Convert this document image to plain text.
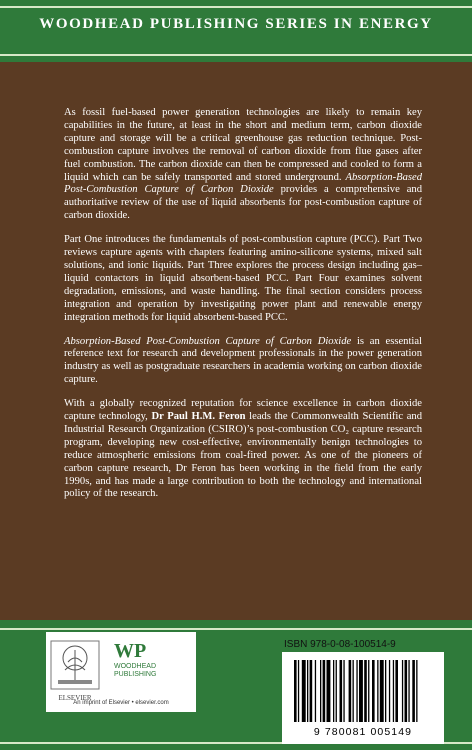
WOODHEAD PUBLISHING SERIES IN ENERGY

As fossil fuel-based power generation technologies are likely to remain key capabilities in the future, at least in the short and medium term, carbon dioxide capture and storage will be a critical greenhouse gas reduction technique. Post-combustion capture involves the removal of carbon dioxide from flue gases after fuel combustion. The carbon dioxide can then be compressed and cooled to form a liquid which can be safely transported and stored underground. Absorption-Based Post-Combustion Capture of Carbon Dioxide provides a comprehensive and authoritative review of the use of liquid absorbents for post-combustion capture of carbon dioxide.

Part One introduces the fundamentals of post-combustion capture (PCC). Part Two reviews capture agents with chapters featuring amino-silicone systems, mixed salt solutions, and ionic liquids. Part Three explores the process design including gas–liquid contactors in liquid absorbent-based PCC. Part Four examines solvent degradation, emissions, and waste handling. The final section considers process integration and operation by investigating power plant and renewable energy integration methods for liquid absorbent-based PCC.

Absorption-Based Post-Combustion Capture of Carbon Dioxide is an essential reference text for research and development professionals in the power generation industry as well as postgraduate researchers in academia working on carbon dioxide capture.

With a globally recognized reputation for science excellence in carbon dioxide capture technology, Dr Paul H.M. Feron leads the Commonwealth Scientific and Industrial Research Organization (CSIRO)’s post-combustion CO₂ capture research program, developing new cost-effective, environmentally benign technologies to reduce atmospheric emissions from coal-fired power. As one of the pioneers of carbon capture research, Dr Feron has been working in the field from the early 1990s, and has made a large contribution to both the technology and international policy of the research.

ELSEVIER
WP
WOODHEAD
PUBLISHING
An imprint of Elsevier • elsevier.com
ISBN 978-0-08-100514-9
9 780081 005149
